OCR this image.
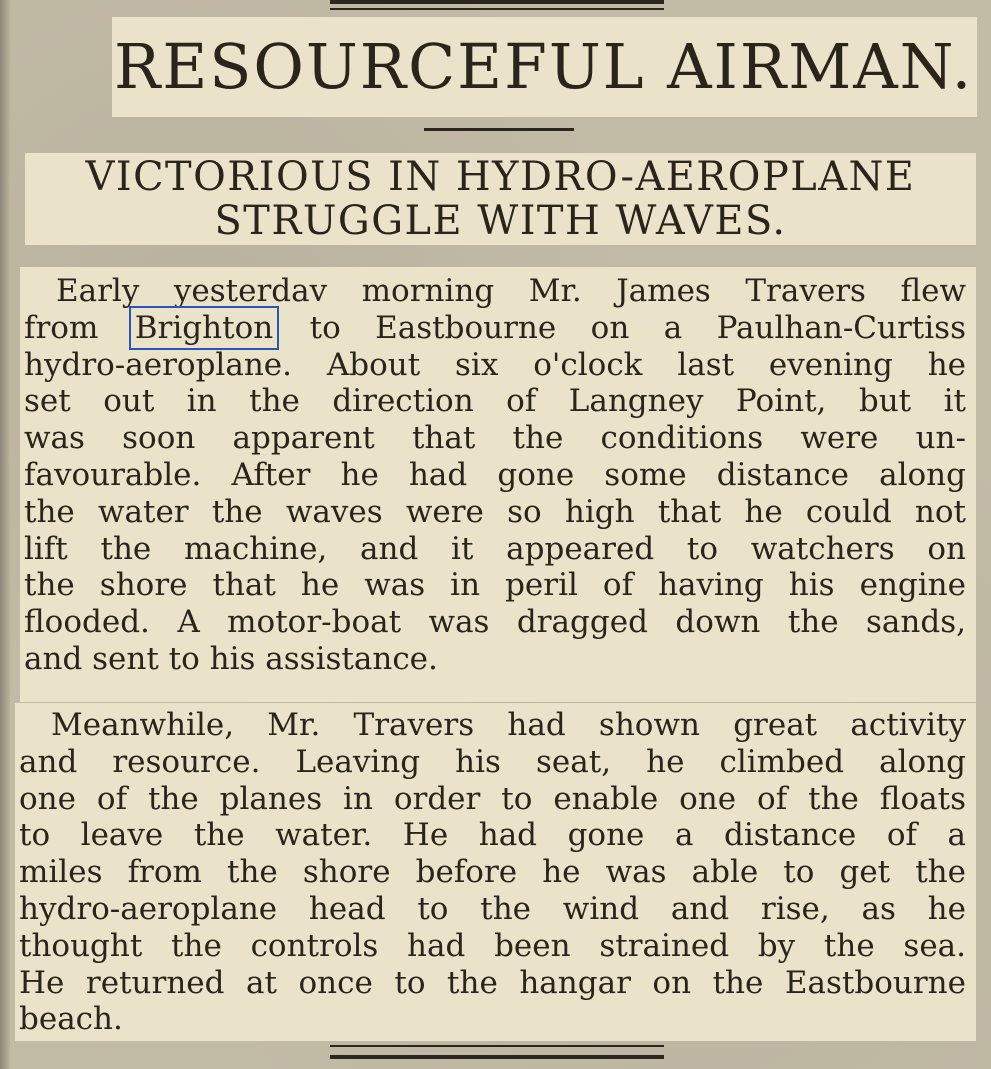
RESOURCEFUL AIRMAN.
VICTORIOUS IN HYDRO-AEROPLANE
STRUGGLE WITH WAVES.
Early yesterdav morning Mr. James Travers flew
from Brighton to Eastbourne on a Paulhan-Curtiss
hydro-aeroplane. About six o'clock last evening he
set out in the direction of Langney Point, but it
was soon apparent that the conditions were un-
favourable. After he had gone some distance along
the water the waves were so high that he could not
lift the machine, and it appeared to watchers on
the shore that he was in peril of having his engine
flooded. A motor-boat was dragged down the sands,
and sent to his assistance.
Meanwhile, Mr. Travers had shown great activity
and resource. Leaving his seat, he climbed along
one of the planes in order to enable one of the floats
to leave the water. He had gone a distance of a
miles from the shore before he was able to get the
hydro-aeroplane head to the wind and rise, as he
thought the controls had been strained by the sea.
He returned at once to the hangar on the Eastbourne
beach.
